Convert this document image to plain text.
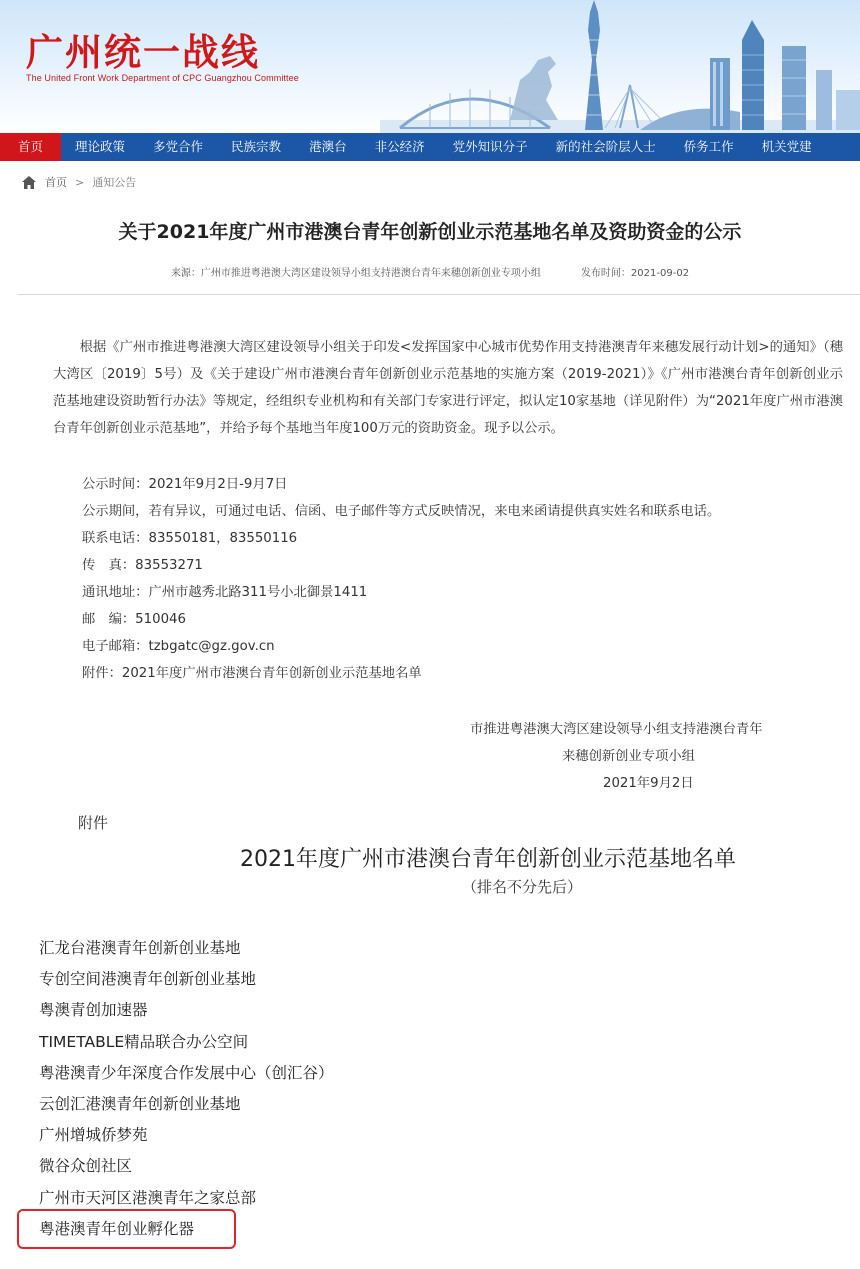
广州统一战线
The United Front Work Department of CPC Guangzhou Committee
首页	理论政策	多党合作	民族宗教	港澳台	非公经济	党外知识分子	新的社会阶层人士	侨务工作	机关党建
首页 > 通知公告
关于2021年度广州市港澳台青年创新创业示范基地名单及资助资金的公示
来源：广州市推进粤港澳大湾区建设领导小组支持港澳台青年来穗创新创业专项小组	发布时间：2021-09-02
根据《广州市推进粤港澳大湾区建设领导小组关于印发<发挥国家中心城市优势作用支持港澳青年来穗发展行动计划>的通知》（穗大湾区〔2019〕5号）及《关于建设广州市港澳台青年创新创业示范基地的实施方案（2019-2021）》《广州市港澳台青年创新创业示范基地建设资助暂行办法》等规定，经组织专业机构和有关部门专家进行评定，拟认定10家基地（详见附件）为“2021年度广州市港澳台青年创新创业示范基地”，并给予每个基地当年度100万元的资助资金。现予以公示。
公示时间：2021年9月2日-9月7日
公示期间，若有异议，可通过电话、信函、电子邮件等方式反映情况，来电来函请提供真实姓名和联系电话。
联系电话：83550181，83550116
传　真：83553271
通讯地址：广州市越秀北路311号小北御景1411
邮　编：510046
电子邮箱：tzbgatc@gz.gov.cn
附件：2021年度广州市港澳台青年创新创业示范基地名单
市推进粤港澳大湾区建设领导小组支持港澳台青年
来穗创新创业专项小组
2021年9月2日
附件
2021年度广州市港澳台青年创新创业示范基地名单
（排名不分先后）
汇龙台港澳青年创新创业基地
专创空间港澳青年创新创业基地
粤澳青创加速器
TIMETABLE精品联合办公空间
粤港澳青少年深度合作发展中心（创汇谷）
云创汇港澳青年创新创业基地
广州增城侨梦苑
微谷众创社区
广州市天河区港澳青年之家总部
粤港澳青年创业孵化器
